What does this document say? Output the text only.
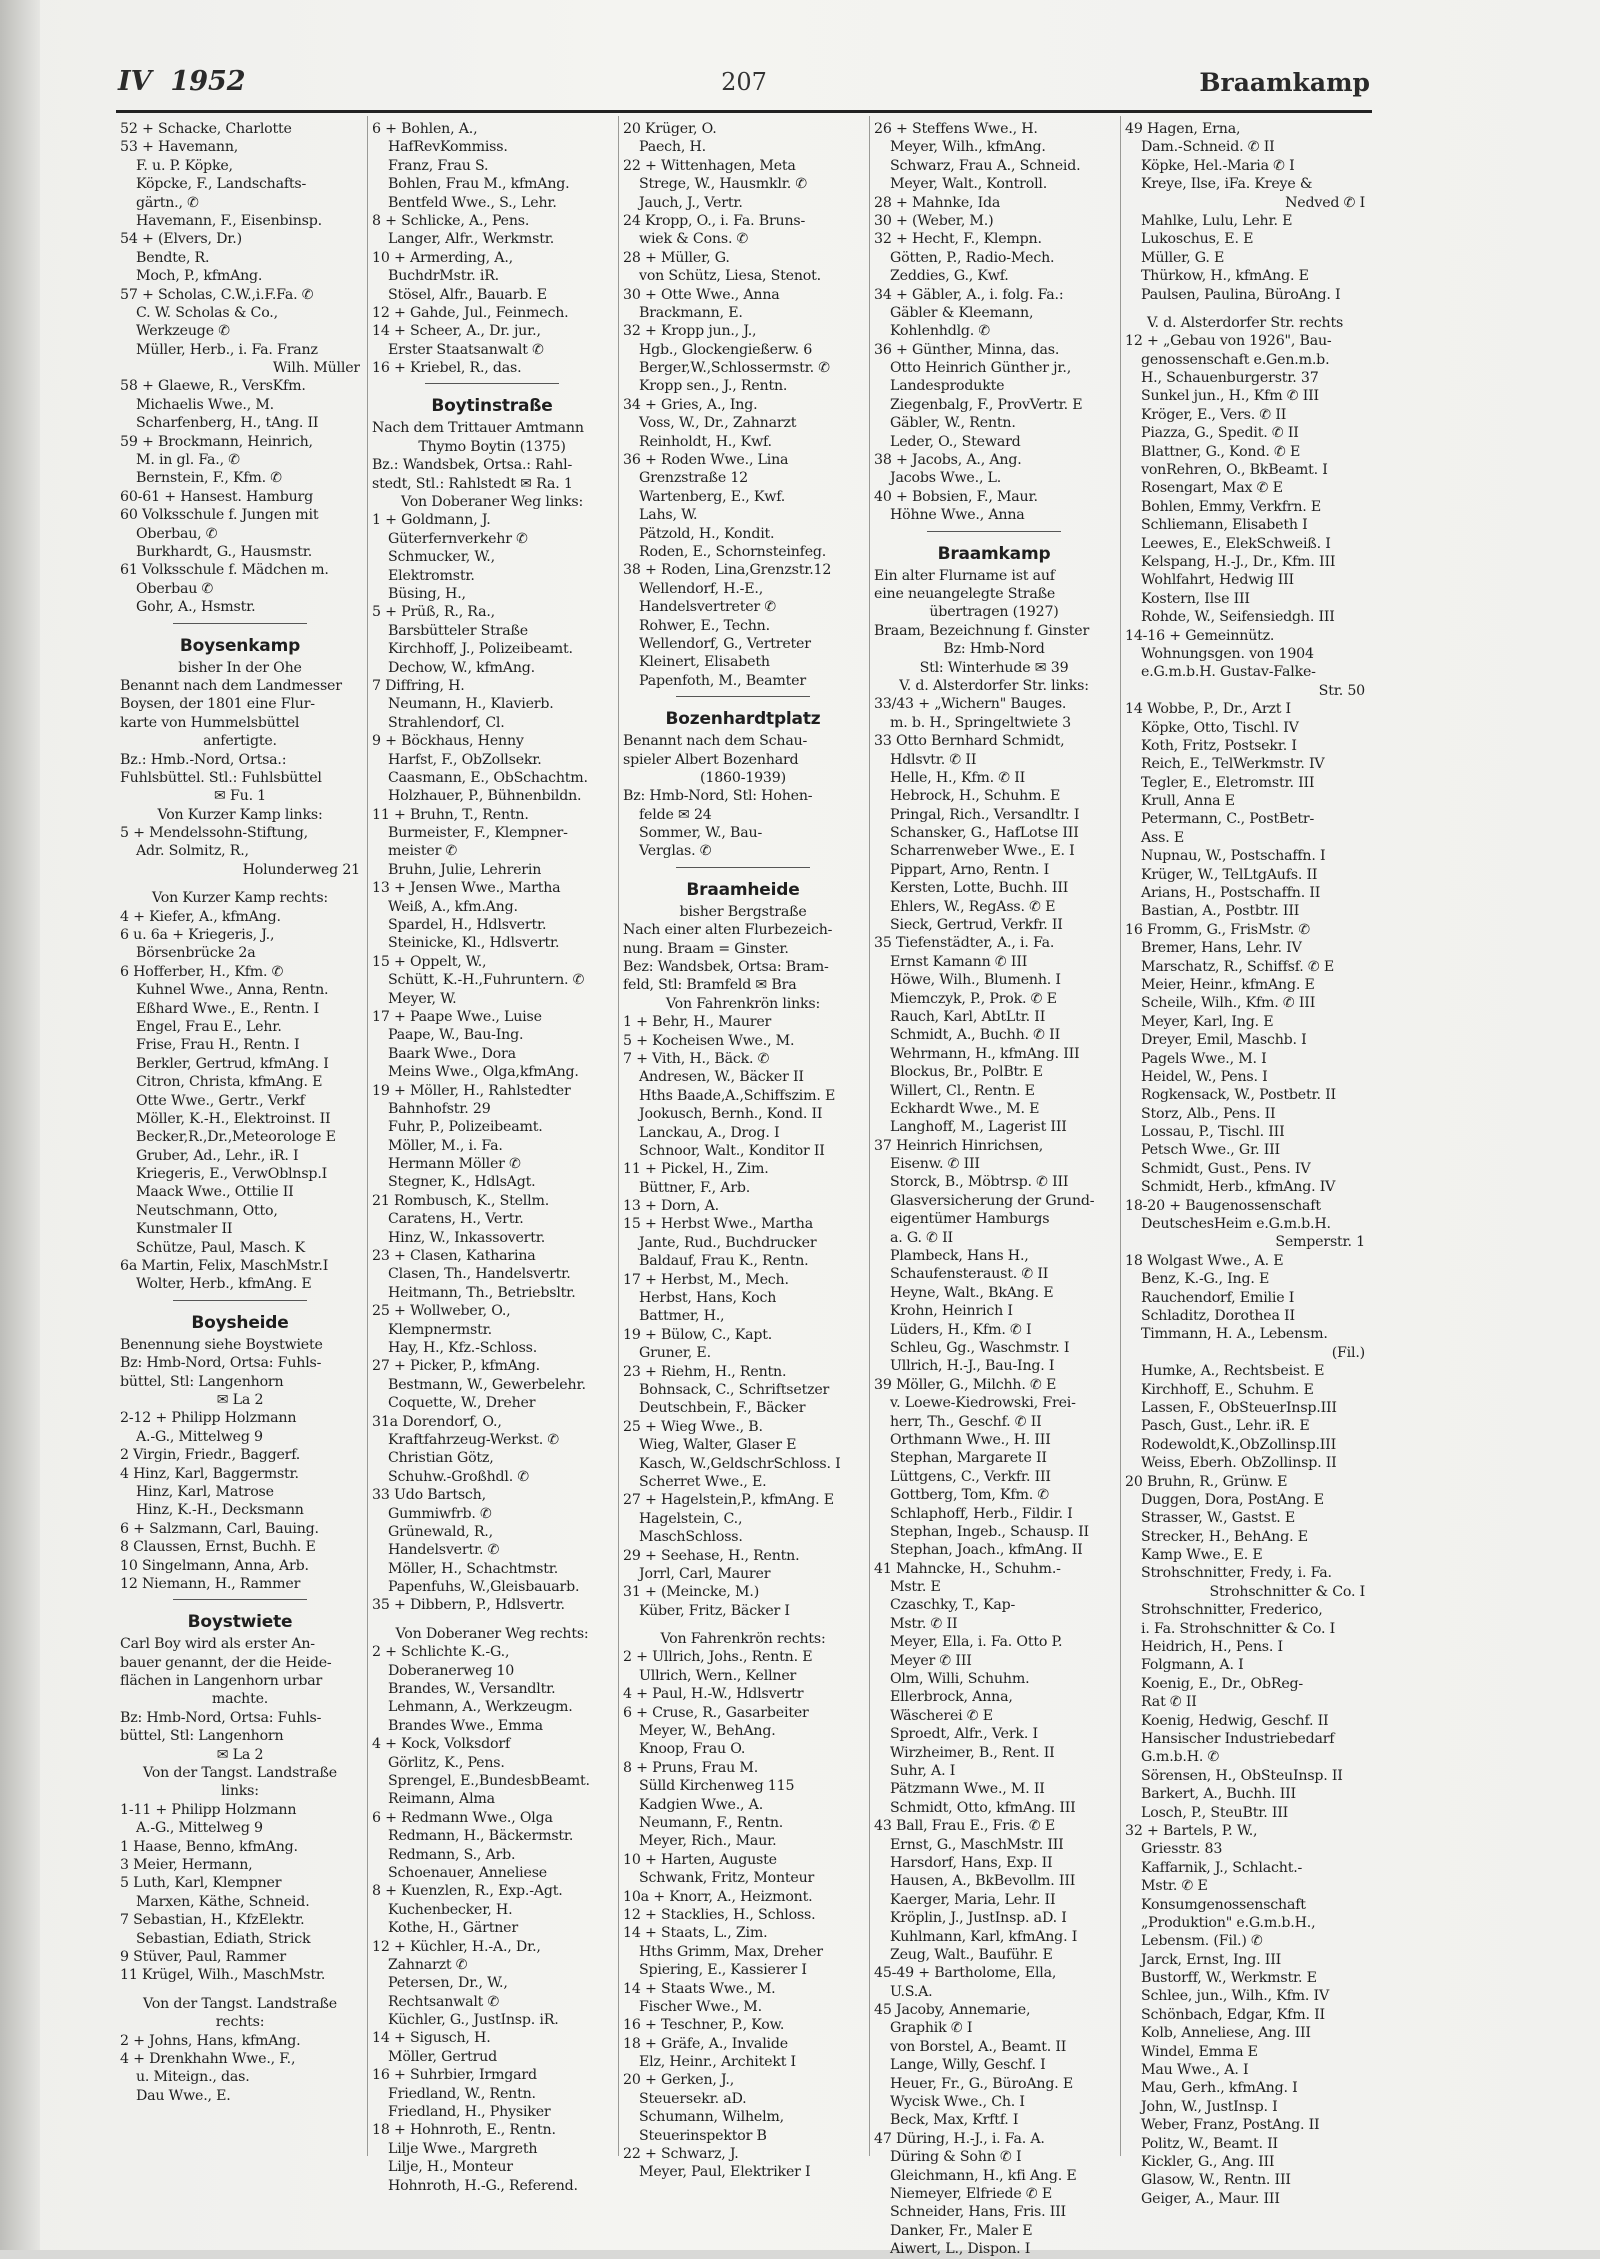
IV 1952	207	Braamkamp
52 + Schacke, Charlotte
53 + Havemann,
F. u. P. Köpke,
Köpcke, F., Landschafts-
gärtn., ✆
Havemann, F., Eisenbinsp.
54 + (Elvers, Dr.)
Bendte, R.
Moch, P., kfmAng.
57 + Scholas, C.W.,i.F.Fa. ✆
C. W. Scholas & Co.,
Werkzeuge ✆
Müller, Herb., i. Fa. Franz
Wilh. Müller
58 + Glaewe, R., VersKfm.
Michaelis Wwe., M.
Scharfenberg, H., tAng. II
59 + Brockmann, Heinrich,
M. in gl. Fa., ✆
Bernstein, F., Kfm. ✆
60-61 + Hansest. Hamburg
60 Volksschule f. Jungen mit
Oberbau, ✆
Burkhardt, G., Hausmstr.
61 Volksschule f. Mädchen m.
Oberbau ✆
Gohr, A., Hsmstr.
Boysenkamp
bisher In der Ohe
Benannt nach dem Landmesser
Boysen, der 1801 eine Flur-
karte von Hummelsbüttel
anfertigte.
Bz.: Hmb.-Nord, Ortsa.:
Fuhlsbüttel. Stl.: Fuhlsbüttel
✉ Fu. 1
Von Kurzer Kamp links:
5 + Mendelssohn-Stiftung,
Adr. Solmitz, R.,
Holunderweg 21
Von Kurzer Kamp rechts:
4 + Kiefer, A., kfmAng.
6 u. 6a + Kriegeris, J.,
Börsenbrücke 2a
6 Hofferber, H., Kfm. ✆
Kuhnel Wwe., Anna, Rentn.
Eßhard Wwe., E., Rentn. I
Engel, Frau E., Lehr.
Frise, Frau H., Rentn. I
Berkler, Gertrud, kfmAng. I
Citron, Christa, kfmAng. E
Otte Wwe., Gertr., Verkf
Möller, K.-H., Elektroinst. II
Becker,R.,Dr.,Meteorologe E
Gruber, Ad., Lehr., iR. I
Kriegeris, E., VerwOblnsp.I
Maack Wwe., Ottilie II
Neutschmann, Otto,
Kunstmaler II
Schütze, Paul, Masch. K
6a Martin, Felix, MaschMstr.I
Wolter, Herb., kfmAng. E
Boysheide
Benennung siehe Boystwiete
Bz: Hmb-Nord, Ortsa: Fuhls-
büttel, Stl: Langenhorn
✉ La 2
2-12 + Philipp Holzmann
A.-G., Mittelweg 9
2 Virgin, Friedr., Baggerf.
4 Hinz, Karl, Baggermstr.
Hinz, Karl, Matrose
Hinz, K.-H., Decksmann
6 + Salzmann, Carl, Bauing.
8 Claussen, Ernst, Buchh. E
10 Singelmann, Anna, Arb.
12 Niemann, H., Rammer
Boystwiete
Carl Boy wird als erster An-
bauer genannt, der die Heide-
flächen in Langenhorn urbar
machte.
Bz: Hmb-Nord, Ortsa: Fuhls-
büttel, Stl: Langenhorn
✉ La 2
Von der Tangst. Landstraße
links:
1-11 + Philipp Holzmann
A.-G., Mittelweg 9
1 Haase, Benno, kfmAng.
3 Meier, Hermann,
5 Luth, Karl, Klempner
Marxen, Käthe, Schneid.
7 Sebastian, H., KfzElektr.
Sebastian, Ediath, Strick
9 Stüver, Paul, Rammer
11 Krügel, Wilh., MaschMstr.
Von der Tangst. Landstraße
rechts:
2 + Johns, Hans, kfmAng.
4 + Drenkhahn Wwe., F.,
u. Miteign., das.
Dau Wwe., E.
6 + Bohlen, A.,
HafRevKommiss.
Franz, Frau S.
Bohlen, Frau M., kfmAng.
Bentfeld Wwe., S., Lehr.
8 + Schlicke, A., Pens.
Langer, Alfr., Werkmstr.
10 + Armerding, A.,
BuchdrMstr. iR.
Stösel, Alfr., Bauarb. E
12 + Gahde, Jul., Feinmech.
14 + Scheer, A., Dr. jur.,
Erster Staatsanwalt ✆
16 + Kriebel, R., das.
Boytinstraße
Nach dem Trittauer Amtmann
Thymo Boytin (1375)
Bz.: Wandsbek, Ortsa.: Rahl-
stedt, Stl.: Rahlstedt ✉ Ra. 1
Von Doberaner Weg links:
1 + Goldmann, J.
Güterfernverkehr ✆
Schmucker, W.,
Elektromstr.
Büsing, H.,
5 + Prüß, R., Ra.,
Barsbütteler Straße
Kirchhoff, J., Polizeibeamt.
Dechow, W., kfmAng.
7 Diffring, H.
Neumann, H., Klavierb.
Strahlendorf, Cl.
9 + Böckhaus, Henny
Harfst, F., ObZollsekr.
Caasmann, E., ObSchachtm.
Holzhauer, P., Bühnenbildn.
11 + Bruhn, T., Rentn.
Burmeister, F., Klempner-
meister ✆
Bruhn, Julie, Lehrerin
13 + Jensen Wwe., Martha
Weiß, A., kfm.Ang.
Spardel, H., Hdlsvertr.
Steinicke, Kl., Hdlsvertr.
15 + Oppelt, W.,
Schütt, K.-H.,Fuhruntern. ✆
Meyer, W.
17 + Paape Wwe., Luise
Paape, W., Bau-Ing.
Baark Wwe., Dora
Meins Wwe., Olga,kfmAng.
19 + Möller, H., Rahlstedter
Bahnhofstr. 29
Fuhr, P., Polizeibeamt.
Möller, M., i. Fa.
Hermann Möller ✆
Stegner, K., HdlsAgt.
21 Rombusch, K., Stellm.
Caratens, H., Vertr.
Hinz, W., Inkassovertr.
23 + Clasen, Katharina
Clasen, Th., Handelsvertr.
Heitmann, Th., Betriebsltr.
25 + Wollweber, O.,
Klempnermstr.
Hay, H., Kfz.-Schloss.
27 + Picker, P., kfmAng.
Bestmann, W., Gewerbelehr.
Coquette, W., Dreher
31a Dorendorf, O.,
Kraftfahrzeug-Werkst. ✆
Christian Götz,
Schuhw.-Großhdl. ✆
33 Udo Bartsch,
Gummiwfrb. ✆
Grünewald, R.,
Handelsvertr. ✆
Möller, H., Schachtmstr.
Papenfuhs, W.,Gleisbauarb.
35 + Dibbern, P., Hdlsvertr.
Von Doberaner Weg rechts:
2 + Schlichte K.-G.,
Doberanerweg 10
Brandes, W., Versandltr.
Lehmann, A., Werkzeugm.
Brandes Wwe., Emma
4 + Kock, Volksdorf
Görlitz, K., Pens.
Sprengel, E.,BundesbBeamt.
Reimann, Alma
6 + Redmann Wwe., Olga
Redmann, H., Bäckermstr.
Redmann, S., Arb.
Schoenauer, Anneliese
8 + Kuenzlen, R., Exp.-Agt.
Kuchenbecker, H.
Kothe, H., Gärtner
12 + Küchler, H.-A., Dr.,
Zahnarzt ✆
Petersen, Dr., W.,
Rechtsanwalt ✆
Küchler, G., JustInsp. iR.
14 + Sigusch, H.
Möller, Gertrud
16 + Suhrbier, Irmgard
Friedland, W., Rentn.
Friedland, H., Physiker
18 + Hohnroth, E., Rentn.
Lilje Wwe., Margreth
Lilje, H., Monteur
Hohnroth, H.-G., Referend.
20 Krüger, O.
Paech, H.
22 + Wittenhagen, Meta
Strege, W., Hausmklr. ✆
Jauch, J., Vertr.
24 Kropp, O., i. Fa. Bruns-
wiek & Cons. ✆
28 + Müller, G.
von Schütz, Liesa, Stenot.
30 + Otte Wwe., Anna
Brackmann, E.
32 + Kropp jun., J.,
Hgb., Glockengießerw. 6
Berger,W.,Schlossermstr. ✆
Kropp sen., J., Rentn.
34 + Gries, A., Ing.
Voss, W., Dr., Zahnarzt
Reinholdt, H., Kwf.
36 + Roden Wwe., Lina
Grenzstraße 12
Wartenberg, E., Kwf.
Lahs, W.
Pätzold, H., Kondit.
Roden, E., Schornsteinfeg.
38 + Roden, Lina,Grenzstr.12
Wellendorf, H.-E.,
Handelsvertreter ✆
Rohwer, E., Techn.
Wellendorf, G., Vertreter
Kleinert, Elisabeth
Papenfoth, M., Beamter
Bozenhardtplatz
Benannt nach dem Schau-
spieler Albert Bozenhard
(1860-1939)
Bz: Hmb-Nord, Stl: Hohen-
felde ✉ 24
Sommer, W., Bau-
Verglas. ✆
Braamheide
bisher Bergstraße
Nach einer alten Flurbezeich-
nung. Braam = Ginster.
Bez: Wandsbek, Ortsa: Bram-
feld, Stl: Bramfeld ✉ Bra
Von Fahrenkrön links:
1 + Behr, H., Maurer
5 + Kocheisen Wwe., M.
7 + Vith, H., Bäck. ✆
Andresen, W., Bäcker II
Hths Baade,A.,Schiffszim. E
Jookusch, Bernh., Kond. II
Lanckau, A., Drog. I
Schnoor, Walt., Konditor II
11 + Pickel, H., Zim.
Büttner, F., Arb.
13 + Dorn, A.
15 + Herbst Wwe., Martha
Jante, Rud., Buchdrucker
Baldauf, Frau K., Rentn.
17 + Herbst, M., Mech.
Herbst, Hans, Koch
Battmer, H.,
19 + Bülow, C., Kapt.
Gruner, E.
23 + Riehm, H., Rentn.
Bohnsack, C., Schriftsetzer
Deutschbein, F., Bäcker
25 + Wieg Wwe., B.
Wieg, Walter, Glaser E
Kasch, W.,GeldschrSchloss. I
Scherret Wwe., E.
27 + Hagelstein,P., kfmAng. E
Hagelstein, C.,
MaschSchloss.
29 + Seehase, H., Rentn.
Jorrl, Carl, Maurer
31 + (Meincke, M.)
Küber, Fritz, Bäcker I
Von Fahrenkrön rechts:
2 + Ullrich, Johs., Rentn. E
Ullrich, Wern., Kellner
4 + Paul, H.-W., Hdlsvertr
6 + Cruse, R., Gasarbeiter
Meyer, W., BehAng.
Knoop, Frau O.
8 + Pruns, Frau M.
Sülld Kirchenweg 115
Kadgien Wwe., A.
Neumann, F., Rentn.
Meyer, Rich., Maur.
10 + Harten, Auguste
Schwank, Fritz, Monteur
10a + Knorr, A., Heizmont.
12 + Stacklies, H., Schloss.
14 + Staats, L., Zim.
Hths Grimm, Max, Dreher
Spiering, E., Kassierer I
14 + Staats Wwe., M.
Fischer Wwe., M.
16 + Teschner, P., Kow.
18 + Gräfe, A., Invalide
Elz, Heinr., Architekt I
20 + Gerken, J.,
Steuersekr. aD.
Schumann, Wilhelm,
Steuerinspektor B
22 + Schwarz, J.
Meyer, Paul, Elektriker I
26 + Steffens Wwe., H.
Meyer, Wilh., kfmAng.
Schwarz, Frau A., Schneid.
Meyer, Walt., Kontroll.
28 + Mahnke, Ida
30 + (Weber, M.)
32 + Hecht, F., Klempn.
Götten, P., Radio-Mech.
Zeddies, G., Kwf.
34 + Gäbler, A., i. folg. Fa.:
Gäbler & Kleemann,
Kohlenhdlg. ✆
36 + Günther, Minna, das.
Otto Heinrich Günther jr.,
Landesprodukte
Ziegenbalg, F., ProvVertr. E
Gäbler, W., Rentn.
Leder, O., Steward
38 + Jacobs, A., Ang.
Jacobs Wwe., L.
40 + Bobsien, F., Maur.
Höhne Wwe., Anna
Braamkamp
Ein alter Flurname ist auf
eine neuangelegte Straße
übertragen (1927)
Braam, Bezeichnung f. Ginster
Bz: Hmb-Nord
Stl: Winterhude ✉ 39
V. d. Alsterdorfer Str. links:
33/43 + „Wichern" Bauges.
m. b. H., Springeltwiete 3
33 Otto Bernhard Schmidt,
Hdlsvtr. ✆ II
Helle, H., Kfm. ✆ II
Hebrock, H., Schuhm. E
Pringal, Rich., Versandltr. I
Schansker, G., HafLotse III
Scharrenweber Wwe., E. I
Pippart, Arno, Rentn. I
Kersten, Lotte, Buchh. III
Ehlers, W., RegAss. ✆ E
Sieck, Gertrud, Verkfr. II
35 Tiefenstädter, A., i. Fa.
Ernst Kamann ✆ III
Höwe, Wilh., Blumenh. I
Miemczyk, P., Prok. ✆ E
Rauch, Karl, AbtLtr. II
Schmidt, A., Buchh. ✆ II
Wehrmann, H., kfmAng. III
Blockus, Br., PolBtr. E
Willert, Cl., Rentn. E
Eckhardt Wwe., M. E
Langhoff, M., Lagerist III
37 Heinrich Hinrichsen,
Eisenw. ✆ III
Storck, B., Möbtrsp. ✆ III
Glasversicherung der Grund-
eigentümer Hamburgs
a. G. ✆ II
Plambeck, Hans H.,
Schaufensteraust. ✆ II
Heyne, Walt., BkAng. E
Krohn, Heinrich I
Lüders, H., Kfm. ✆ I
Schleu, Gg., Waschmstr. I
Ullrich, H.-J., Bau-Ing. I
39 Möller, G., Milchh. ✆ E
v. Loewe-Kiedrowski, Frei-
herr, Th., Geschf. ✆ II
Orthmann Wwe., H. III
Stephan, Margarete II
Lüttgens, C., Verkfr. III
Gottberg, Tom, Kfm. ✆
Schlaphoff, Herb., Fildir. I
Stephan, Ingeb., Schausp. II
Stephan, Joach., kfmAng. II
41 Mahncke, H., Schuhm.-
Mstr. E
Czaschky, T., Kap-
Mstr. ✆ II
Meyer, Ella, i. Fa. Otto P.
Meyer ✆ III
Olm, Willi, Schuhm.
Ellerbrock, Anna,
Wäscherei ✆ E
Sproedt, Alfr., Verk. I
Wirzheimer, B., Rent. II
Suhr, A. I
Pätzmann Wwe., M. II
Schmidt, Otto, kfmAng. III
43 Ball, Frau E., Fris. ✆ E
Ernst, G., MaschMstr. III
Harsdorf, Hans, Exp. II
Hausen, A., BkBevollm. III
Kaerger, Maria, Lehr. II
Kröplin, J., JustInsp. aD. I
Kuhlmann, Karl, kfmAng. I
Zeug, Walt., Bauführ. E
45-49 + Bartholome, Ella,
U.S.A.
45 Jacoby, Annemarie,
Graphik ✆ I
von Borstel, A., Beamt. II
Lange, Willy, Geschf. I
Heuer, Fr., G., BüroAng. E
Wycisk Wwe., Ch. I
Beck, Max, Krftf. I
47 Düring, H.-J., i. Fa. A.
Düring & Sohn ✆ I
Gleichmann, H., kfi Ang. E
Niemeyer, Elfriede ✆ E
Schneider, Hans, Fris. III
Danker, Fr., Maler E
Aiwert, L., Dispon. I
49 Hagen, Erna,
Dam.-Schneid. ✆ II
Köpke, Hel.-Maria ✆ I
Kreye, Ilse, iFa. Kreye &
Nedved ✆ I
Mahlke, Lulu, Lehr. E
Lukoschus, E. E
Müller, G. E
Thürkow, H., kfmAng. E
Paulsen, Paulina, BüroAng. I
V. d. Alsterdorfer Str. rechts
12 + „Gebau von 1926", Bau-
genossenschaft e.Gen.m.b.
H., Schauenburgerstr. 37
Sunkel jun., H., Kfm ✆ III
Kröger, E., Vers. ✆ II
Piazza, G., Spedit. ✆ II
Blattner, G., Kond. ✆ E
vonRehren, O., BkBeamt. I
Rosengart, Max ✆ E
Bohlen, Emmy, Verkfrn. E
Schliemann, Elisabeth I
Leewes, E., ElekSchweiß. I
Kelspang, H.-J., Dr., Kfm. III
Wohlfahrt, Hedwig III
Kostern, Ilse III
Rohde, W., Seifensiedgh. III
14-16 + Gemeinnütz.
Wohnungsgen. von 1904
e.G.m.b.H. Gustav-Falke-
Str. 50
14 Wobbe, P., Dr., Arzt I
Köpke, Otto, Tischl. IV
Koth, Fritz, Postsekr. I
Reich, E., TelWerkmstr. IV
Tegler, E., Eletromstr. III
Krull, Anna E
Petermann, C., PostBetr-
Ass. E
Nupnau, W., Postschaffn. I
Krüger, W., TelLtgAufs. II
Arians, H., Postschaffn. II
Bastian, A., Postbtr. III
16 Fromm, G., FrisMstr. ✆
Bremer, Hans, Lehr. IV
Marschatz, R., Schiffsf. ✆ E
Meier, Heinr., kfmAng. E
Scheile, Wilh., Kfm. ✆ III
Meyer, Karl, Ing. E
Dreyer, Emil, Maschb. I
Pagels Wwe., M. I
Heidel, W., Pens. I
Rogkensack, W., Postbetr. II
Storz, Alb., Pens. II
Lossau, P., Tischl. III
Petsch Wwe., Gr. III
Schmidt, Gust., Pens. IV
Schmidt, Herb., kfmAng. IV
18-20 + Baugenossenschaft
DeutschesHeim e.G.m.b.H.
Semperstr. 1
18 Wolgast Wwe., A. E
Benz, K.-G., Ing. E
Rauchendorf, Emilie I
Schladitz, Dorothea II
Timmann, H. A., Lebensm.
(Fil.)
Humke, A., Rechtsbeist. E
Kirchhoff, E., Schuhm. E
Lassen, F., ObSteuerInsp.III
Pasch, Gust., Lehr. iR. E
Rodewoldt,K.,ObZollinsp.III
Weiss, Eberh. ObZollinsp. II
20 Bruhn, R., Grünw. E
Duggen, Dora, PostAng. E
Strasser, W., Gastst. E
Strecker, H., BehAng. E
Kamp Wwe., E. E
Strohschnitter, Fredy, i. Fa.
Strohschnitter & Co. I
Strohschnitter, Frederico,
i. Fa. Strohschnitter & Co. I
Heidrich, H., Pens. I
Folgmann, A. I
Koenig, E., Dr., ObReg-
Rat ✆ II
Koenig, Hedwig, Geschf. II
Hansischer Industriebedarf
G.m.b.H. ✆
Sörensen, H., ObSteuInsp. II
Barkert, A., Buchh. III
Losch, P., SteuBtr. III
32 + Bartels, P. W.,
Griesstr. 83
Kaffarnik, J., Schlacht.-
Mstr. ✆ E
Konsumgenossenschaft
„Produktion" e.G.m.b.H.,
Lebensm. (Fil.) ✆
Jarck, Ernst, Ing. III
Bustorff, W., Werkmstr. E
Schlee, jun., Wilh., Kfm. IV
Schönbach, Edgar, Kfm. II
Kolb, Anneliese, Ang. III
Windel, Emma E
Mau Wwe., A. I
Mau, Gerh., kfmAng. I
John, W., JustInsp. I
Weber, Franz, PostAng. II
Politz, W., Beamt. II
Kickler, G., Ang. III
Glasow, W., Rentn. III
Geiger, A., Maur. III
